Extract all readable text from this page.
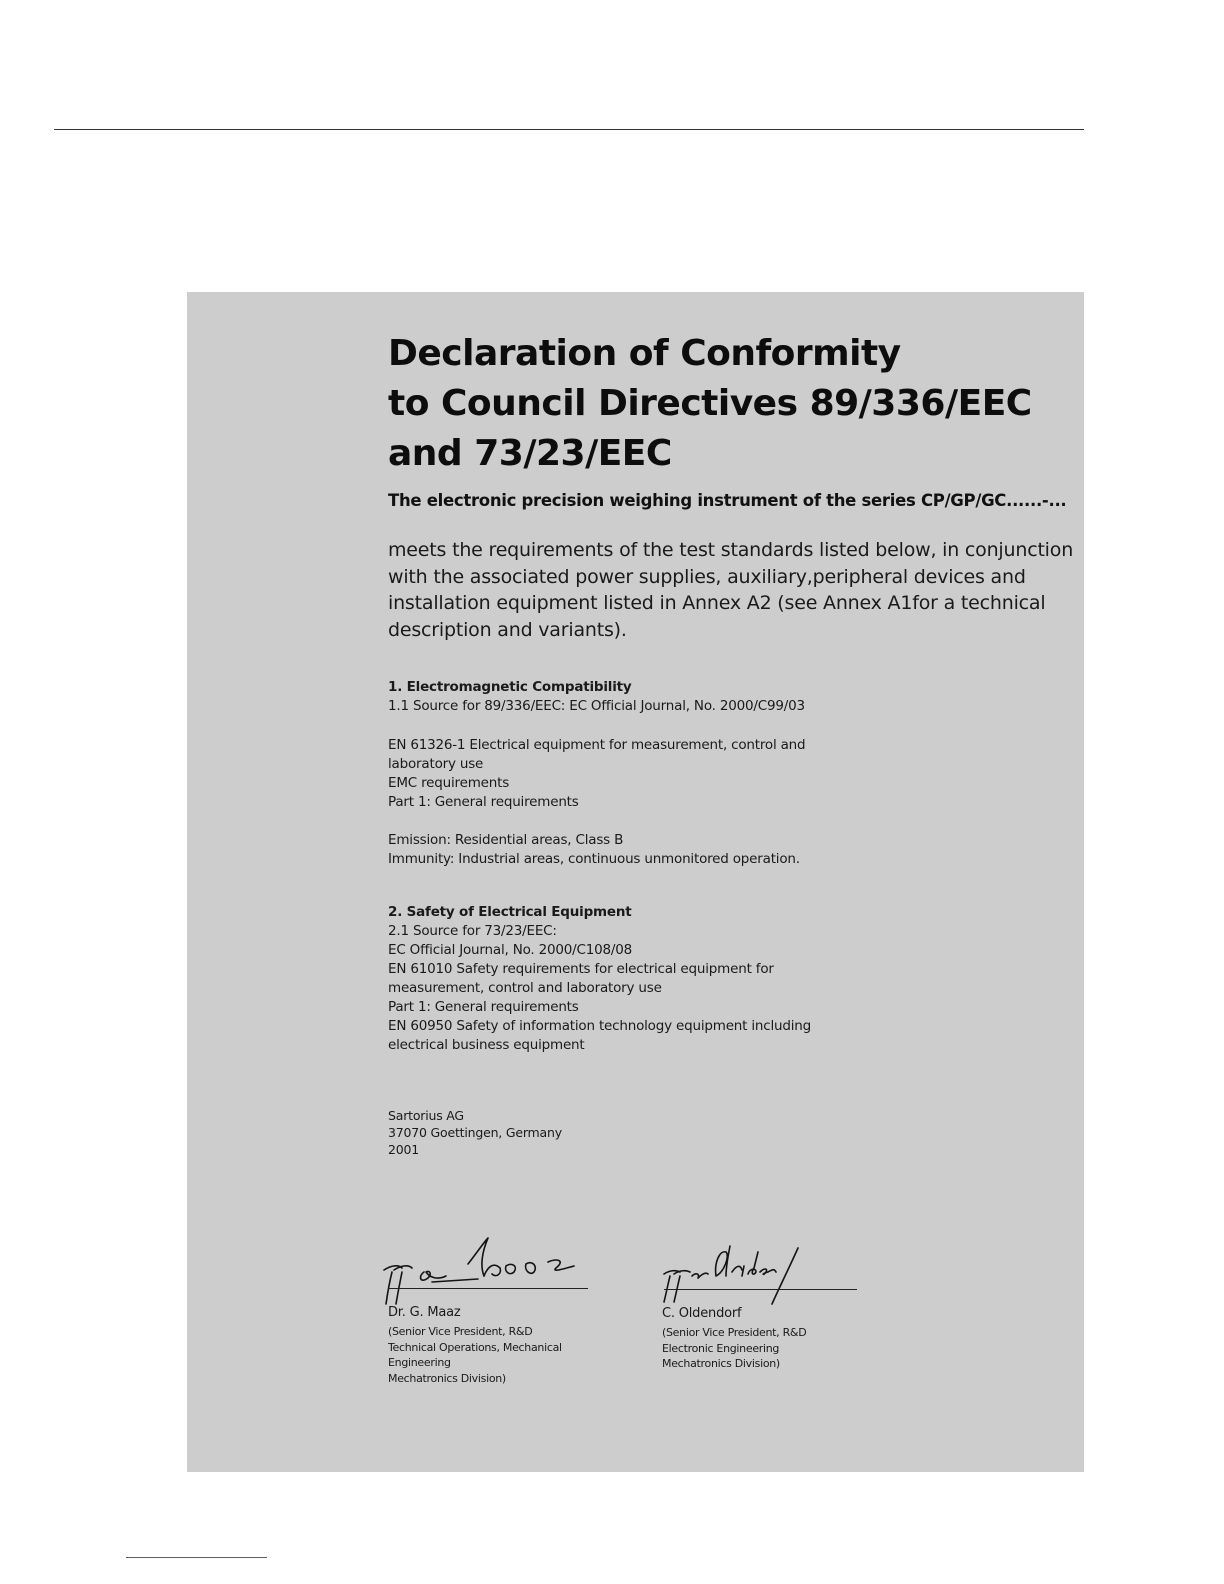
Declaration of Conformity
to Council Directives 89/336/EEC
and 73/23/EEC

The electronic precision weighing instrument of the series CP/GP/GC......-...

meets the requirements of the test standards listed below, in conjunction
with the associated power supplies, auxiliary,peripheral devices and
installation equipment listed in Annex A2 (see Annex A1for a technical
description and variants).

1. Electromagnetic Compatibility
1.1 Source for 89/336/EEC: EC Official Journal, No. 2000/C99/03
EN 61326-1 Electrical equipment for measurement, control and
laboratory use
EMC requirements
Part 1: General requirements
Emission: Residential areas, Class B
Immunity: Industrial areas, continuous unmonitored operation.
2. Safety of Electrical Equipment
2.1 Source for 73/23/EEC:
EC Official Journal, No. 2000/C108/08
EN 61010 Safety requirements for electrical equipment for
measurement, control and laboratory use
Part 1: General requirements
EN 60950 Safety of information technology equipment including
electrical business equipment
Sartorius AG
37070 Goettingen, Germany
2001

Dr. G. Maaz

(Senior Vice President, R&D
Technical Operations, Mechanical
Engineering
Mechatronics Division)

C. Oldendorf

(Senior Vice President, R&D
Electronic Engineering
Mechatronics Division)
